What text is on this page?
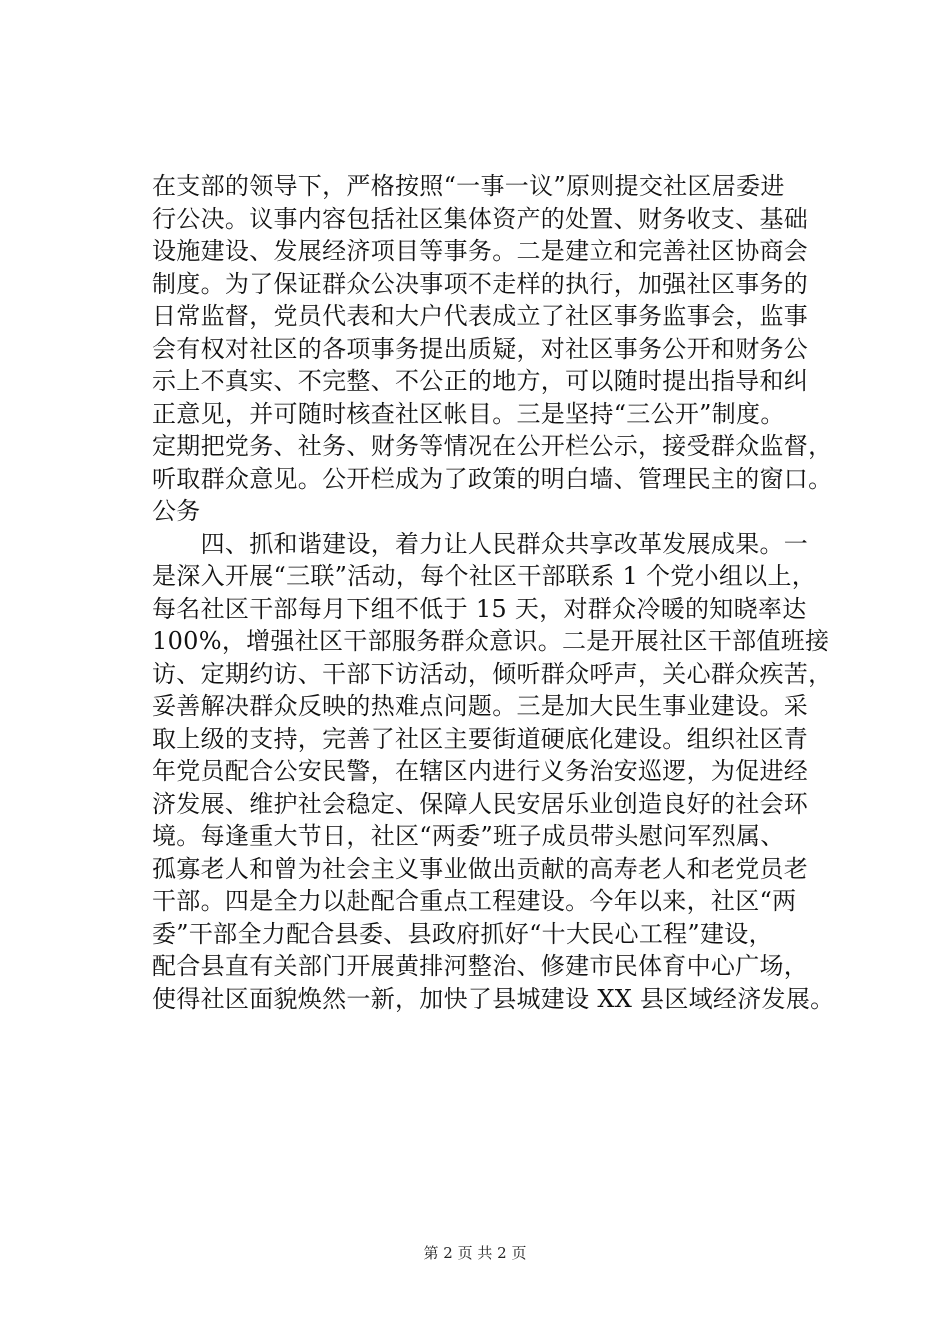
在支部的领导下，严格按照“一事一议”原则提交社区居委进
行公决。议事内容包括社区集体资产的处置、财务收支、基础
设施建设、发展经济项目等事务。二是建立和完善社区协商会
制度。为了保证群众公决事项不走样的执行，加强社区事务的
日常监督，党员代表和大户代表成立了社区事务监事会，监事
会有权对社区的各项事务提出质疑，对社区事务公开和财务公
示上不真实、不完整、不公正的地方，可以随时提出指导和纠
正意见，并可随时核查社区帐目。三是坚持“三公开”制度。
定期把党务、社务、财务等情况在公开栏公示，接受群众监督，
听取群众意见。公开栏成为了政策的明白墙、管理民主的窗口。
公务
　　四、抓和谐建设，着力让人民群众共享改革发展成果。一
是深入开展“三联”活动，每个社区干部联系 1 个党小组以上，
每名社区干部每月下组不低于 15 天，对群众冷暖的知晓率达
100%，增强社区干部服务群众意识。二是开展社区干部值班接
访、定期约访、干部下访活动，倾听群众呼声，关心群众疾苦，
妥善解决群众反映的热难点问题。三是加大民生事业建设。采
取上级的支持，完善了社区主要街道硬底化建设。组织社区青
年党员配合公安民警，在辖区内进行义务治安巡逻，为促进经
济发展、维护社会稳定、保障人民安居乐业创造良好的社会环
境。每逢重大节日，社区“两委”班子成员带头慰问军烈属、
孤寡老人和曾为社会主义事业做出贡献的高寿老人和老党员老
干部。四是全力以赴配合重点工程建设。今年以来，社区“两
委”干部全力配合县委、县政府抓好“十大民心工程”建设，
配合县直有关部门开展黄排河整治、修建市民体育中心广场，
使得社区面貌焕然一新，加快了县城建设 XX 县区域经济发展。
第 2 页 共 2 页
